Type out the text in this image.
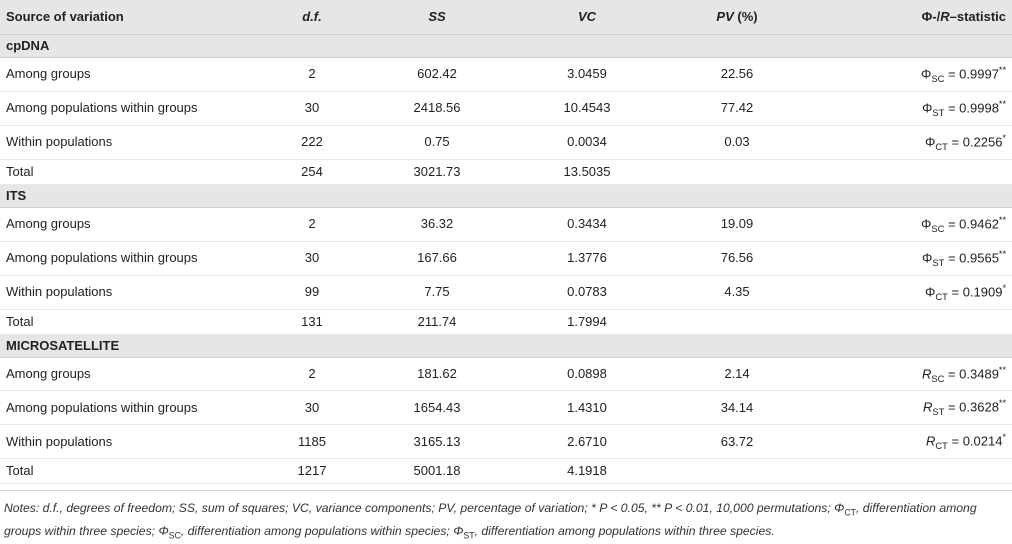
Source of variation	d.f.	SS	VC	PV (%)	Φ-/R–statistic
cpDNA					
Among groups	2	602.42	3.0459	22.56	$\Phi_{SC} = 0.9997^{**}$
Among populations within groups	30	2418.56	10.4543	77.42	$\Phi_{ST} = 0.9998^{**}$
Within populations	222	0.75	0.0034	0.03	$\Phi_{CT} = 0.2256^*$
Total	254	3021.73	13.5035		
ITS					
Among groups	2	36.32	0.3434	19.09	$\Phi_{SC} = 0.9462^{**}$
Among populations within groups	30	167.66	1.3776	76.56	$\Phi_{ST} = 0.9565^{**}$
Within populations	99	7.75	0.0783	4.35	$\Phi_{CT} = 0.1909^*$
Total	131	211.74	1.7994		
MICROSATELLITE					
Among groups	2	181.62	0.0898	2.14	$R_{SC} = 0.3489^{**}$
Among populations within groups	30	1654.43	1.4310	34.14	$R_{ST} = 0.3628^{**}$
Within populations	1185	3165.13	2.6710	63.72	$R_{CT} = 0.0214^*$
Total	1217	5001.18	4.1918		
Notes: d.f., degrees of freedom; SS, sum of squares; VC, variance components; PV, percentage of variation; * P < 0.05, ** P < 0.01, 10,000 permutations; $\Phi_{CT}$, differentiation among groups within three species; $\Phi_{SC}$, differentiation among populations within species; $\Phi_{ST}$, differentiation among populations within three species.
